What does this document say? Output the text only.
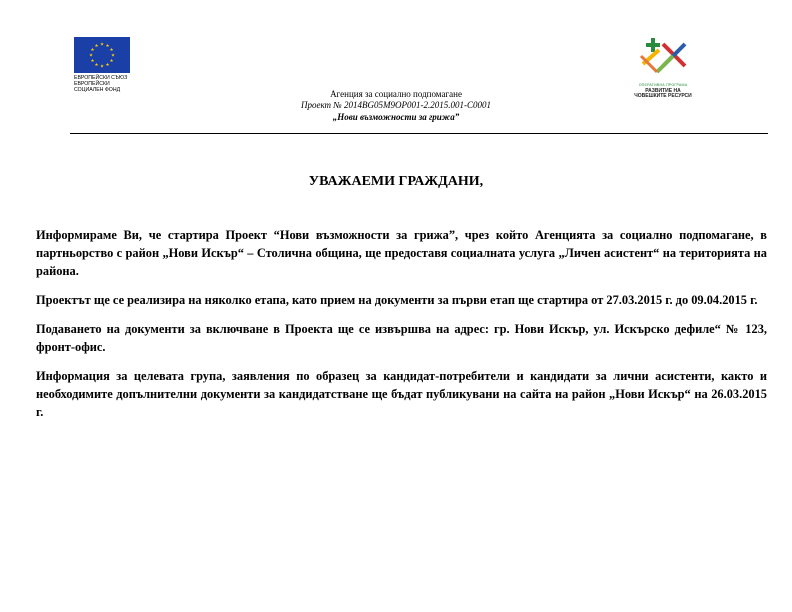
★
★
★
★
★
★
★
★
★ ★ ★
★
ЕВРОПЕЙСКИ СЪЮЗ
ЕВРОПЕЙСКИ
СОЦИАЛЕН ФОНД
ОПЕРАТИВНА ПРОГРАМА
РАЗВИТИЕ НА
ЧОВЕШКИТЕ РЕСУРСИ
Агенция за социално подпомагане
Проект № 2014BG05M9OP001-2.2015.001-C0001
„Нови възможности за грижа”
УВАЖАЕМИ ГРАЖДАНИ,

Информираме Ви, че стартира Проект “Нови възможности за грижа”, чрез който Агенцията за социално подпомагане, в партньорство с район „Нови Искър“ – Столична община, ще предоставя социалната услуга „Личен асистент“ на територията на района.

Проектът ще се реализира на няколко етапа, като прием на документи за първи етап ще стартира от 27.03.2015 г. до 09.04.2015 г.

Подаването на документи за включване в Проекта ще се извършва на адрес: гр. Нови Искър, ул. Искърско дефиле“ № 123, фронт-офис.

Информация за целевата група, заявления по образец за кандидат-потребители и кандидати за лични асистенти, както и необходимите допълнителни документи за кандидатстване ще бъдат публикувани на сайта на район „Нови Искър“ на 26.03.2015 г.
